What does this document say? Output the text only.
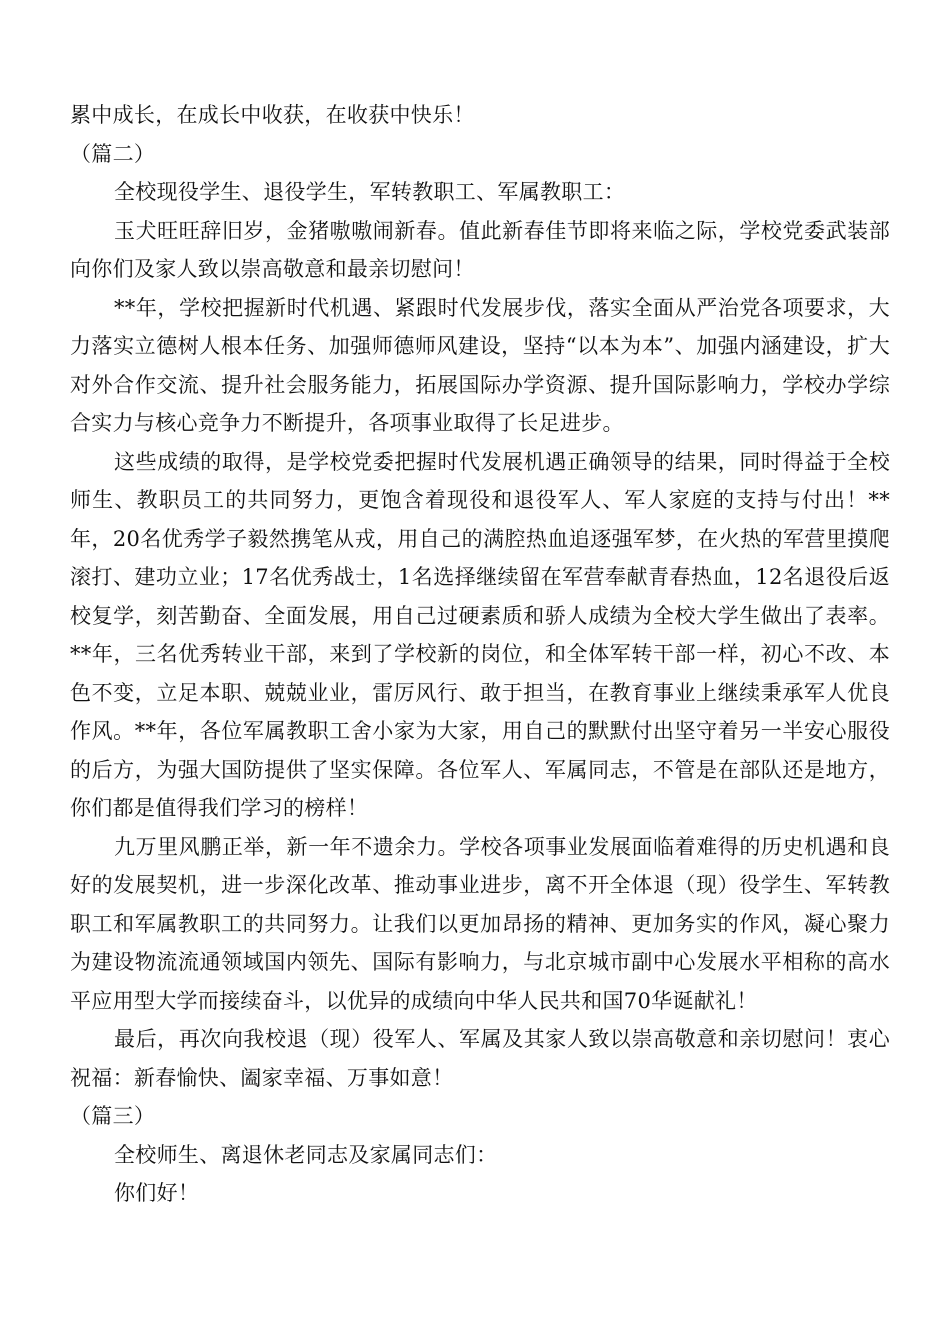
累中成长，在成长中收获，在收获中快乐！

（篇二）

全校现役学生、退役学生，军转教职工、军属教职工：

玉犬旺旺辞旧岁，金猪嗷嗷闹新春。值此新春佳节即将来临之际，学校党委武装部向你们及家人致以崇高敬意和最亲切慰问！

**年，学校把握新时代机遇、紧跟时代发展步伐，落实全面从严治党各项要求，大力落实立德树人根本任务、加强师德师风建设，坚持“以本为本”、加强内涵建设，扩大对外合作交流、提升社会服务能力，拓展国际办学资源、提升国际影响力，学校办学综合实力与核心竞争力不断提升，各项事业取得了长足进步。

这些成绩的取得，是学校党委把握时代发展机遇正确领导的结果，同时得益于全校师生、教职员工的共同努力，更饱含着现役和退役军人、军人家庭的支持与付出！**年，20名优秀学子毅然携笔从戎，用自己的满腔热血追逐强军梦，在火热的军营里摸爬滚打、建功立业；17名优秀战士，1名选择继续留在军营奉献青春热血，12名退役后返校复学，刻苦勤奋、全面发展，用自己过硬素质和骄人成绩为全校大学生做出了表率。**年，三名优秀转业干部，来到了学校新的岗位，和全体军转干部一样，初心不改、本色不变，立足本职、兢兢业业，雷厉风行、敢于担当，在教育事业上继续秉承军人优良作风。**年，各位军属教职工舍小家为大家，用自己的默默付出坚守着另一半安心服役的后方，为强大国防提供了坚实保障。各位军人、军属同志，不管是在部队还是地方，你们都是值得我们学习的榜样！

九万里风鹏正举，新一年不遗余力。学校各项事业发展面临着难得的历史机遇和良好的发展契机，进一步深化改革、推动事业进步，离不开全体退（现）役学生、军转教职工和军属教职工的共同努力。让我们以更加昂扬的精神、更加务实的作风，凝心聚力为建设物流流通领域国内领先、国际有影响力，与北京城市副中心发展水平相称的高水平应用型大学而接续奋斗，以优异的成绩向中华人民共和国70华诞献礼！

最后，再次向我校退（现）役军人、军属及其家人致以崇高敬意和亲切慰问！衷心祝福：新春愉快、阖家幸福、万事如意！

（篇三）

全校师生、离退休老同志及家属同志们：

你们好！
